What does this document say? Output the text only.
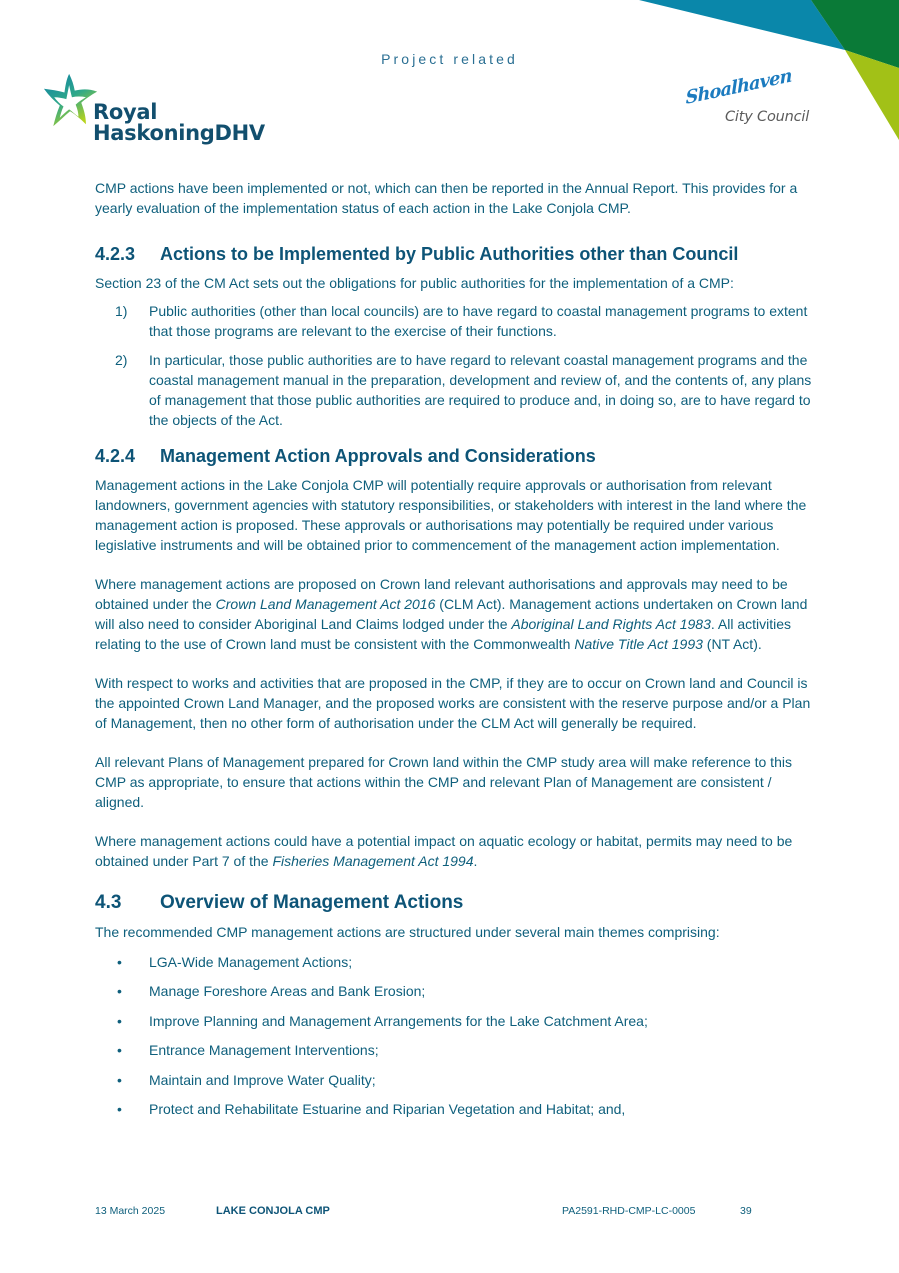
Project related
Royal
HaskoningDHV
Shoalhaven
City Council

CMP actions have been implemented or not, which can then be reported in the Annual Report. This provides for a yearly evaluation of the implementation status of each action in the Lake Conjola CMP.

4.2.3 Actions to be Implemented by Public Authorities other than Council

Section 23 of the CM Act sets out the obligations for public authorities for the implementation of a CMP:

1) Public authorities (other than local councils) are to have regard to coastal management programs to extent that those programs are relevant to the exercise of their functions.
2) In particular, those public authorities are to have regard to relevant coastal management programs and the coastal management manual in the preparation, development and review of, and the contents of, any plans of management that those public authorities are required to produce and, in doing so, are to have regard to the objects of the Act.
4.2.4 Management Action Approvals and Considerations

Management actions in the Lake Conjola CMP will potentially require approvals or authorisation from relevant landowners, government agencies with statutory responsibilities, or stakeholders with interest in the land where the management action is proposed. These approvals or authorisations may potentially be required under various legislative instruments and will be obtained prior to commencement of the management action implementation.

Where management actions are proposed on Crown land relevant authorisations and approvals may need to be obtained under the Crown Land Management Act 2016 (CLM Act). Management actions undertaken on Crown land will also need to consider Aboriginal Land Claims lodged under the Aboriginal Land Rights Act 1983. All activities relating to the use of Crown land must be consistent with the Commonwealth Native Title Act 1993 (NT Act).

With respect to works and activities that are proposed in the CMP, if they are to occur on Crown land and Council is the appointed Crown Land Manager, and the proposed works are consistent with the reserve purpose and/or a Plan of Management, then no other form of authorisation under the CLM Act will generally be required.

All relevant Plans of Management prepared for Crown land within the CMP study area will make reference to this CMP as appropriate, to ensure that actions within the CMP and relevant Plan of Management are consistent / aligned.

Where management actions could have a potential impact on aquatic ecology or habitat, permits may need to be obtained under Part 7 of the Fisheries Management Act 1994.

4.3 Overview of Management Actions

The recommended CMP management actions are structured under several main themes comprising:

• LGA-Wide Management Actions;
• Manage Foreshore Areas and Bank Erosion;
• Improve Planning and Management Arrangements for the Lake Catchment Area;
• Entrance Management Interventions;
• Maintain and Improve Water Quality;
• Protect and Rehabilitate Estuarine and Riparian Vegetation and Habitat; and,
13 March 2025	LAKE CONJOLA CMP	PA2591-RHD-CMP-LC-0005	39
